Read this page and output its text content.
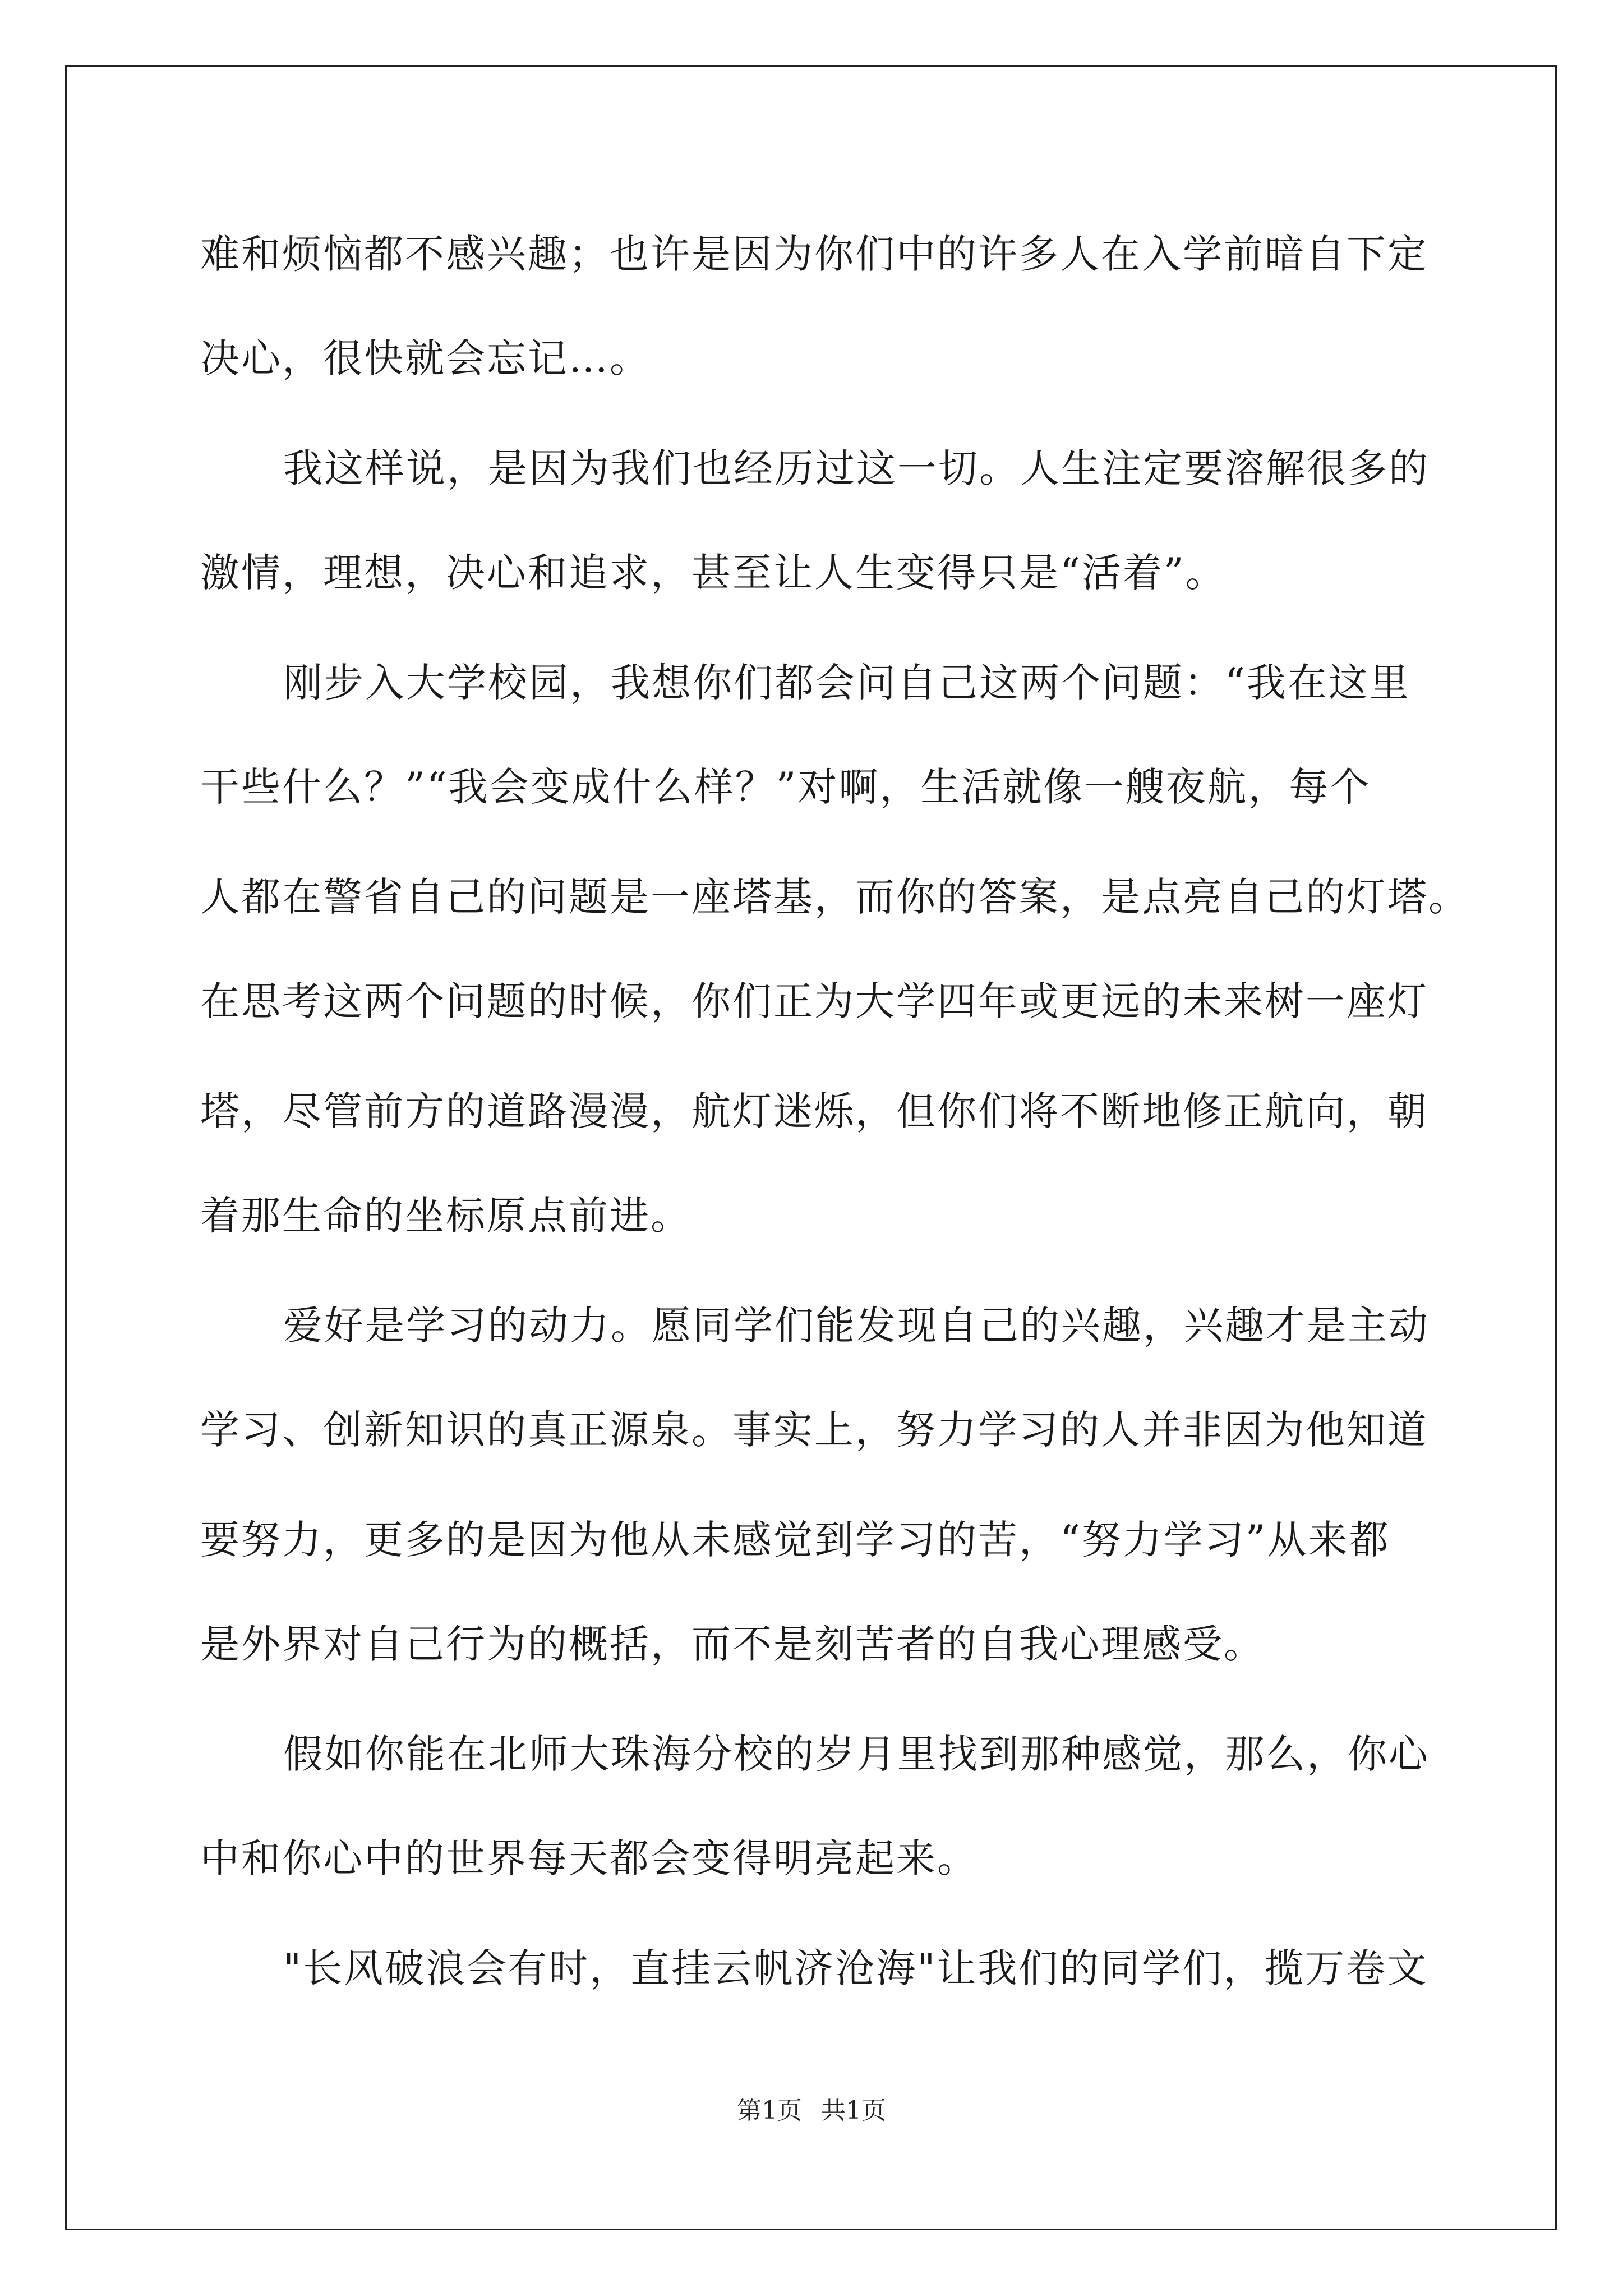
难和烦恼都不感兴趣；也许是因为你们中的许多人在入学前暗自下定
决心，很快就会忘记…。
我这样说，是因为我们也经历过这一切。人生注定要溶解很多的
激情，理想，决心和追求，甚至让人生变得只是“活着”。
刚步入大学校园，我想你们都会问自己这两个问题：“我在这里
干些什么？”“我会变成什么样？”对啊，生活就像一艘夜航，每个
人都在警省自己的问题是一座塔基，而你的答案，是点亮自己的灯塔。
在思考这两个问题的时候，你们正为大学四年或更远的未来树一座灯
塔，尽管前方的道路漫漫，航灯迷烁，但你们将不断地修正航向，朝
着那生命的坐标原点前进。
爱好是学习的动力。愿同学们能发现自己的兴趣，兴趣才是主动
学习、创新知识的真正源泉。事实上，努力学习的人并非因为他知道
要努力，更多的是因为他从未感觉到学习的苦，“努力学习”从来都
是外界对自己行为的概括，而不是刻苦者的自我心理感受。
假如你能在北师大珠海分校的岁月里找到那种感觉，那么，你心
中和你心中的世界每天都会变得明亮起来。
"长风破浪会有时，直挂云帆济沧海"让我们的同学们，揽万卷文
第1页 共1页
